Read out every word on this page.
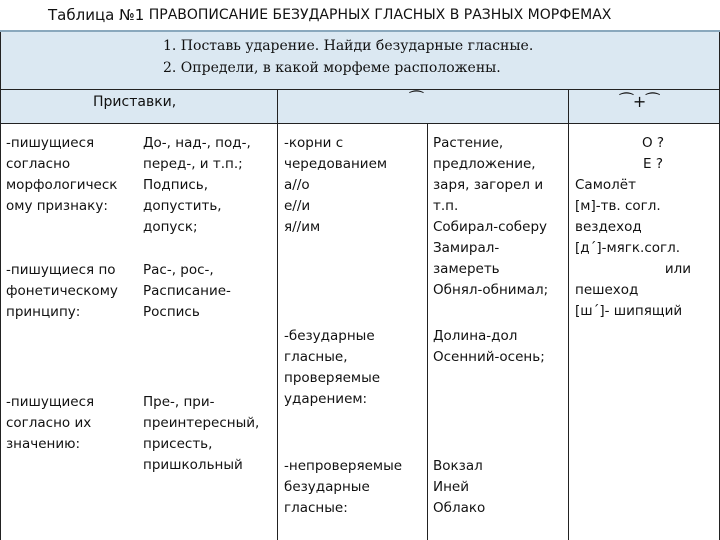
Таблица №1
ПРАВОПИСАНИЕ БЕЗУДАРНЫХ ГЛАСНЫХ В РАЗНЫХ МОРФЕМАХ
1. Поставь ударение. Найди безударные гласные.
2. Определи, в какой морфеме расположены.
Приставки,	⁀	⁀+⁀
-пишущиеся
согласно
морфологическ
ому признаку:
-пишущиеся по
фонетическому
принципу:
-пишущиеся
согласно их
значению:
До-, над-, под-,
перед-, и т.п.;
Подпись,
допустить,
допуск;
Рас-, рос-,
Расписание-
Роспись
Пре-, при-
преинтересный,
присесть,
пришкольный
-корни с
чередованием
а//о
е//и
я//им
-безударные
гласные,
проверяемые
ударением:
-непроверяемые
безударные
гласные:
Растение,
предложение,
заря, загорел и
т.п.
Собирал-соберу
Замирал-
замереть
Обнял-обнимал;
Долина-дол
Осенний-осень;
Вокзал
Иней
Облако
О ?
Е ?
Самолёт
[м]-тв. согл.
вездеход
[д´]-мягк.согл.
или
пешеход
[ш´]- шипящий
